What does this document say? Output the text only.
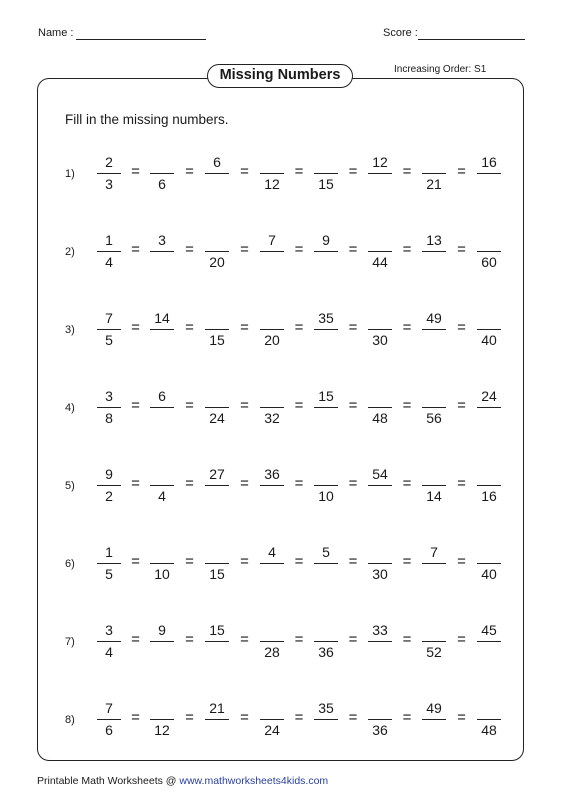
Name :	Score :
Increasing Order: S1
Missing Numbers
Fill in the missing numbers.
1)
2
3
=
6
=
6
=
12
=
15
=
12
=
21
=
16
2)
1
4
=
3
=
20
=
7
=
9
=
44
=
13
=
60
3)
7
5
=
14
=
15
=
20
=
35
=
30
=
49
=
40
4)
3
8
=
6
=
24
=
32
=
15
=
48
=
56
=
24
5)
9
2
=
4
=
27
=
36
=
10
=
54
=
14
=
16
6)
1
5
=
10
=
15
=
4
=
5
=
30
=
7
=
40
7)
3
4
=
9
=
15
=
28
=
36
=
33
=
52
=
45
8)
7
6
=
12
=
21
=
24
=
35
=
36
=
49
=
48
Printable Math Worksheets @ www.mathworksheets4kids.com
